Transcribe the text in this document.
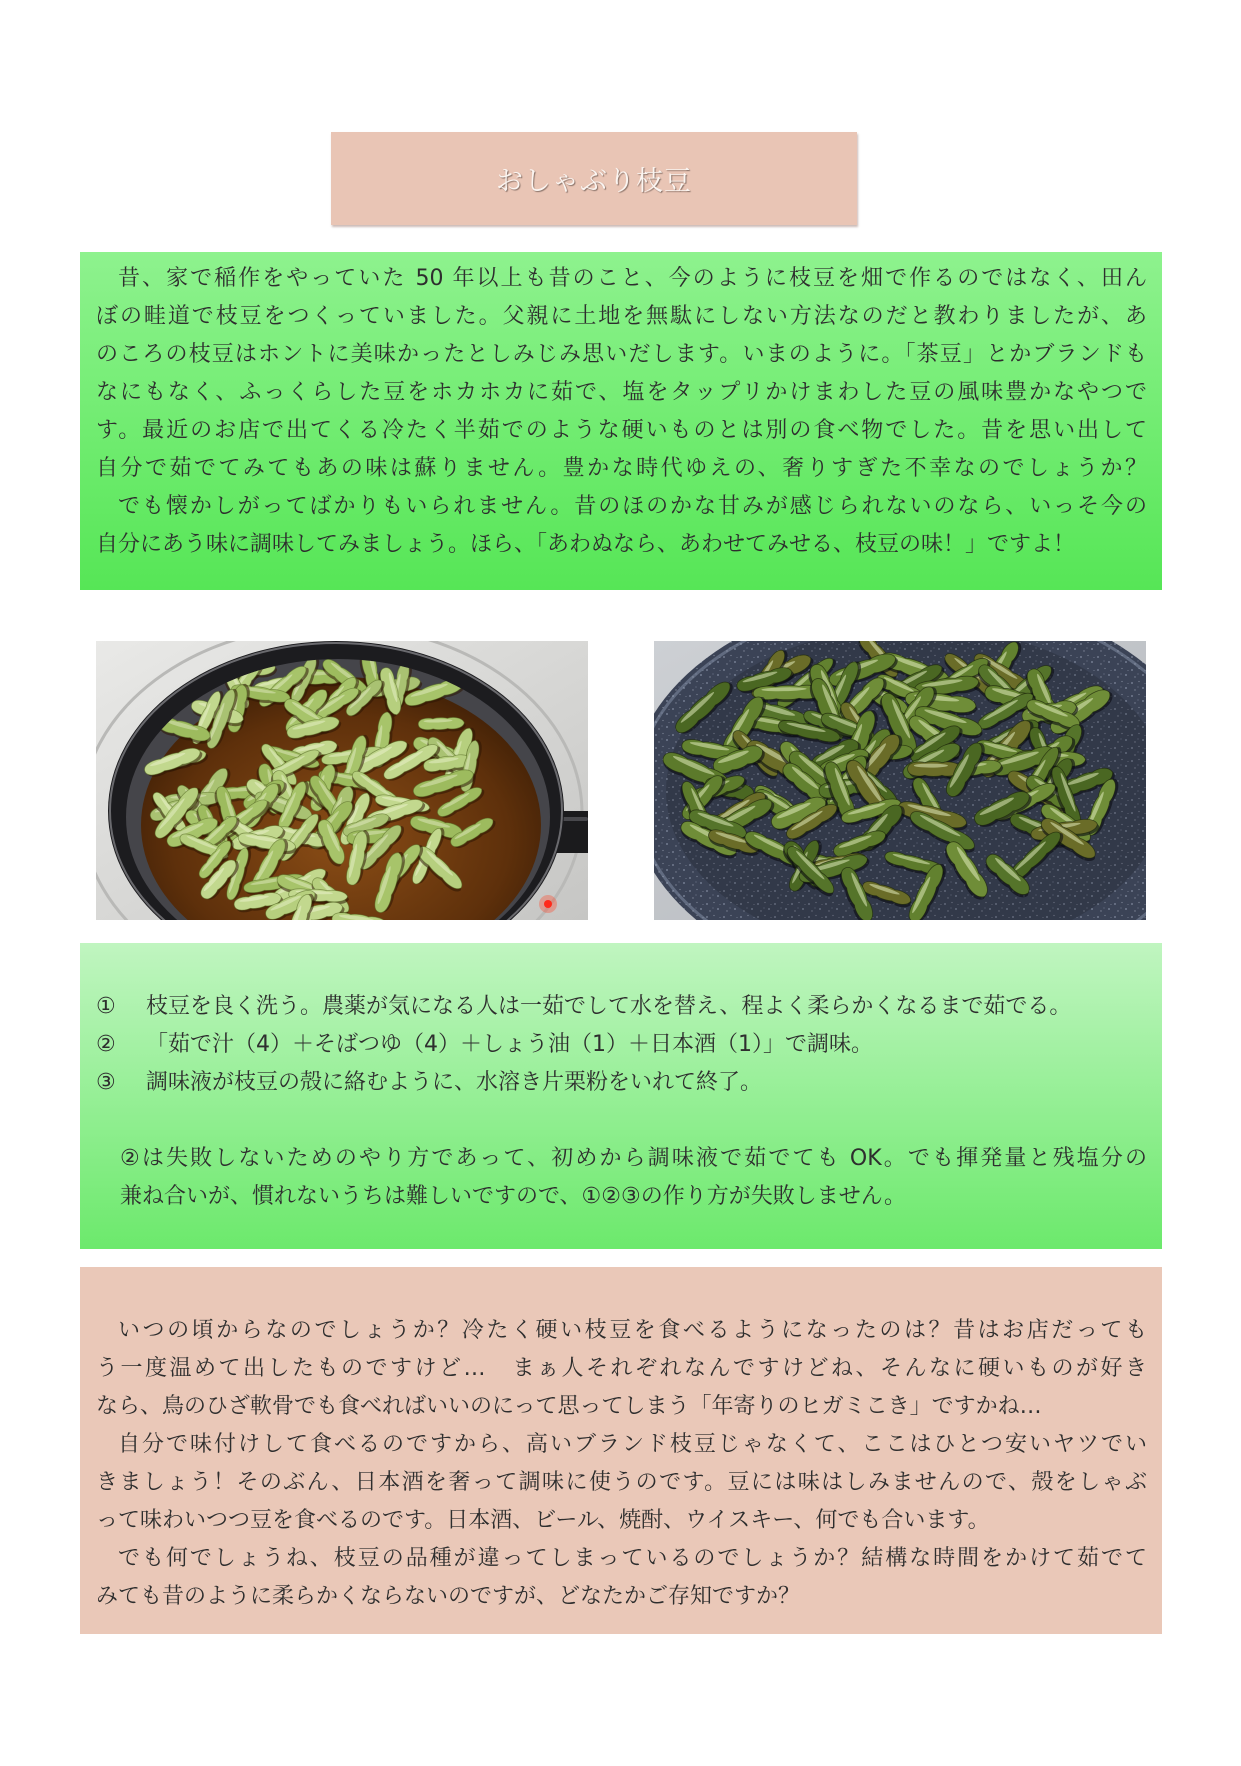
おしゃぶり枝豆
昔、家で稲作をやっていた 50 年以上も昔のこと、今のように枝豆を畑で作るのではなく、田ん
ぼの畦道で枝豆をつくっていました。父親に土地を無駄にしない方法なのだと教わりましたが、あ
のころの枝豆はホントに美味かったとしみじみ思いだします。いまのように。「茶豆」とかブランドも
なにもなく、ふっくらした豆をホカホカに茹で、塩をタップリかけまわした豆の風味豊かなやつで
す。最近のお店で出てくる冷たく半茹でのような硬いものとは別の食べ物でした。昔を思い出して
自分で茹でてみてもあの味は蘇りません。豊かな時代ゆえの、奢りすぎた不幸なのでしょうか？
でも懐かしがってばかりもいられません。昔のほのかな甘みが感じられないのなら、いっそ今の
自分にあう味に調味してみましょう。ほら、「あわぬなら、あわせてみせる、枝豆の味！」ですよ！
①	枝豆を良く洗う。農薬が気になる人は一茹でして水を替え、程よく柔らかくなるまで茹でる。
②	「茹で汁（4）＋そばつゆ（4）＋しょう油（1）＋日本酒（1）」で調味。
③	調味液が枝豆の殻に絡むように、水溶き片栗粉をいれて終了。
②は失敗しないためのやり方であって、初めから調味液で茹でても OK。でも揮発量と残塩分の
兼ね合いが、慣れないうちは難しいですので、①②③の作り方が失敗しません。
いつの頃からなのでしょうか？冷たく硬い枝豆を食べるようになったのは？昔はお店だっても
う一度温めて出したものですけど…　まぁ人それぞれなんですけどね、そんなに硬いものが好き
なら、鳥のひざ軟骨でも食べればいいのにって思ってしまう「年寄りのヒガミこき」ですかね…
自分で味付けして食べるのですから、高いブランド枝豆じゃなくて、ここはひとつ安いヤツでい
きましょう！そのぶん、日本酒を奢って調味に使うのです。豆には味はしみませんので、殻をしゃぶ
って味わいつつ豆を食べるのです。日本酒、ビール、焼酎、ウイスキー、何でも合います。
でも何でしょうね、枝豆の品種が違ってしまっているのでしょうか？結構な時間をかけて茹でて
みても昔のように柔らかくならないのですが、どなたかご存知ですか？
